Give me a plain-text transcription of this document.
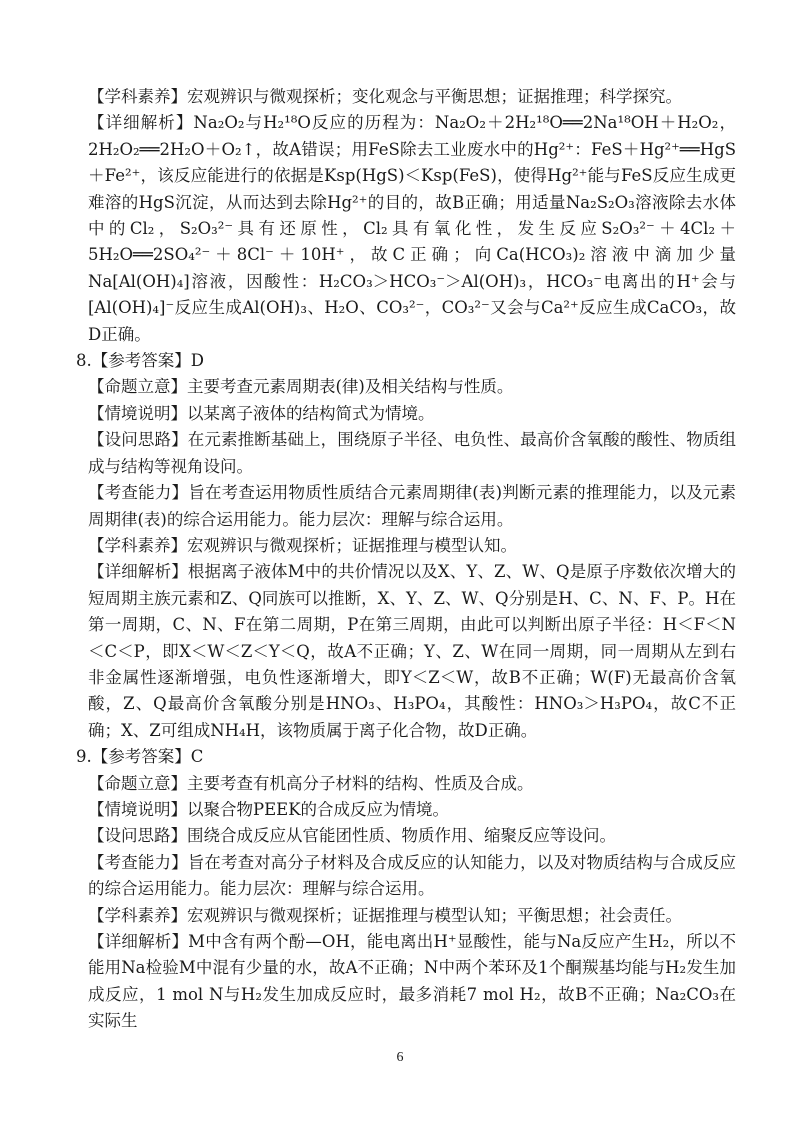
【学科素养】宏观辨识与微观探析；变化观念与平衡思想；证据推理；科学探究。

【详细解析】Na₂O₂与H₂¹⁸O反应的历程为：Na₂O₂＋2H₂¹⁸O══2Na¹⁸OH＋H₂O₂，2H₂O₂══2H₂O＋O₂↑，故A错误；用FeS除去工业废水中的Hg²⁺：FeS＋Hg²⁺══HgS＋Fe²⁺，该反应能进行的依据是Ksp(HgS)＜Ksp(FeS)，使得Hg²⁺能与FeS反应生成更难溶的HgS沉淀，从而达到去除Hg²⁺的目的，故B正确；用适量Na₂S₂O₃溶液除去水体中的Cl₂，S₂O₃²⁻具有还原性，Cl₂具有氧化性，发生反应S₂O₃²⁻＋4Cl₂＋5H₂O══2SO₄²⁻＋8Cl⁻＋10H⁺，故C正确；向Ca(HCO₃)₂溶液中滴加少量Na[Al(OH)₄]溶液，因酸性：H₂CO₃＞HCO₃⁻＞Al(OH)₃，HCO₃⁻电离出的H⁺会与[Al(OH)₄]⁻反应生成Al(OH)₃、H₂O、CO₃²⁻，CO₃²⁻又会与Ca²⁺反应生成CaCO₃，故D正确。

8.【参考答案】D

【命题立意】主要考查元素周期表(律)及相关结构与性质。

【情境说明】以某离子液体的结构简式为情境。

【设问思路】在元素推断基础上，围绕原子半径、电负性、最高价含氧酸的酸性、物质组成与结构等视角设问。

【考查能力】旨在考查运用物质性质结合元素周期律(表)判断元素的推理能力，以及元素周期律(表)的综合运用能力。能力层次：理解与综合运用。

【学科素养】宏观辨识与微观探析；证据推理与模型认知。

【详细解析】根据离子液体M中的共价情况以及X、Y、Z、W、Q是原子序数依次增大的短周期主族元素和Z、Q同族可以推断，X、Y、Z、W、Q分别是H、C、N、F、P。H在第一周期，C、N、F在第二周期，P在第三周期，由此可以判断出原子半径：H＜F＜N＜C＜P，即X＜W＜Z＜Y＜Q，故A不正确；Y、Z、W在同一周期，同一周期从左到右非金属性逐渐增强，电负性逐渐增大，即Y＜Z＜W，故B不正确；W(F)无最高价含氧酸，Z、Q最高价含氧酸分别是HNO₃、H₃PO₄，其酸性：HNO₃＞H₃PO₄，故C不正确；X、Z可组成NH₄H，该物质属于离子化合物，故D正确。

9.【参考答案】C

【命题立意】主要考查有机高分子材料的结构、性质及合成。

【情境说明】以聚合物PEEK的合成反应为情境。

【设问思路】围绕合成反应从官能团性质、物质作用、缩聚反应等设问。

【考查能力】旨在考查对高分子材料及合成反应的认知能力，以及对物质结构与合成反应的综合运用能力。能力层次：理解与综合运用。

【学科素养】宏观辨识与微观探析；证据推理与模型认知；平衡思想；社会责任。

【详细解析】M中含有两个酚—OH，能电离出H⁺显酸性，能与Na反应产生H₂，所以不能用Na检验M中混有少量的水，故A不正确；N中两个苯环及1个酮羰基均能与H₂发生加成反应，1 mol N与H₂发生加成反应时，最多消耗7 mol H₂，故B不正确；Na₂CO₃在实际生

6
